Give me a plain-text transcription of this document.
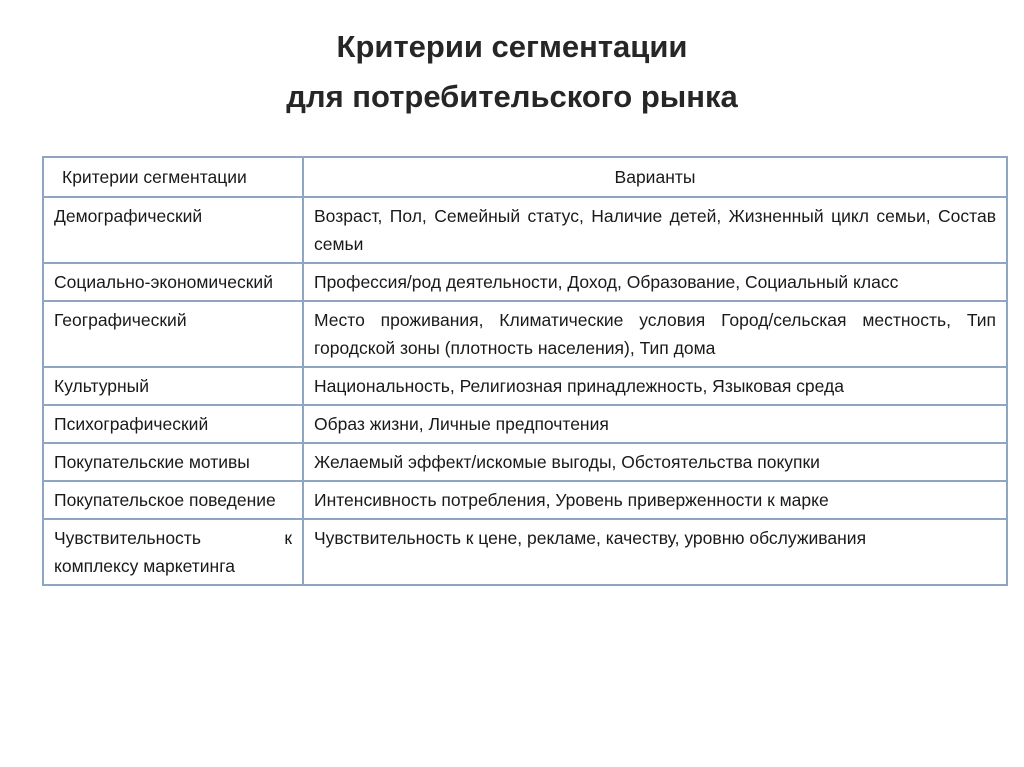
Критерии сегментации
для потребительского рынка
Критерии сегментации	Варианты
Демографический	Возраст, Пол, Семейный статус, Наличие детей, Жизненный цикл семьи, Состав семьи
Социально-экономический	Профессия/род деятельности, Доход, Образование, Социальный класс
Географический	Место проживания, Климатические условия Город/сельская местность, Тип городской зоны (плотность населения), Тип дома
Культурный	Национальность, Религиозная принадлежность, Языковая среда
Психографический	Образ жизни, Личные предпочтения
Покупательские мотивы	Желаемый эффект/искомые выгоды, Обстоятельства покупки
Покупательское поведение	Интенсивность потребления, Уровень приверженности к марке
Чувствительность к комплексу маркетинга	Чувствительность к цене, рекламе, качеству, уровню обслуживания
